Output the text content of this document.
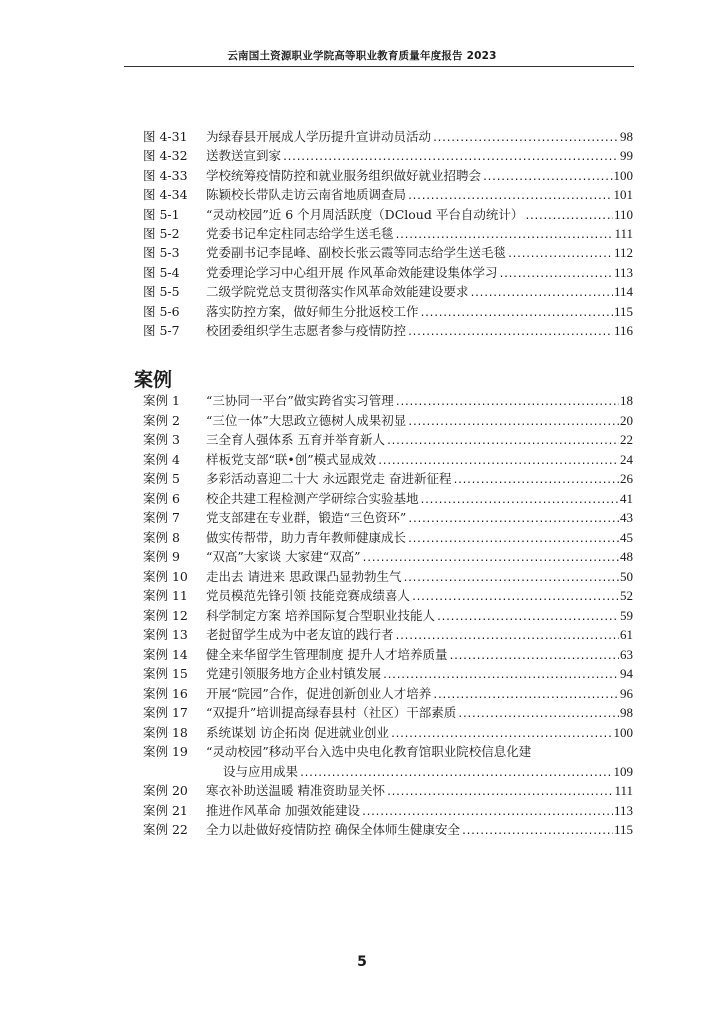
云南国土资源职业学院高等职业教育质量年度报告 2023
图 4-31	为绿春县开展成人学历提升宣讲动员活动 .....	98
图 4-32	送教送宣到家 .....	99
图 4-33	学校统筹疫情防控和就业服务组织做好就业招聘会 .....	100
图 4-34	陈颖校长带队走访云南省地质调查局 .....	101
图 5-1	“灵动校园”近 6 个月周活跃度（DCloud 平台自动统计） .....	110
图 5-2	党委书记牟定柱同志给学生送毛毯 .....	111
图 5-3	党委副书记李昆峰、副校长张云霞等同志给学生送毛毯 .....	112
图 5-4	党委理论学习中心组开展 作风革命效能建设集体学习 .....	113
图 5-5	二级学院党总支贯彻落实作风革命效能建设要求 .....	114
图 5-6	落实防控方案，做好师生分批返校工作 .....	115
图 5-7	校团委组织学生志愿者参与疫情防控 .....	116
案例
案例 1	“三协同一平台”做实跨省实习管理 .....	18
案例 2	“三位一体”大思政立德树人成果初显 .....	20
案例 3	三全育人强体系 五育并举育新人 .....	22
案例 4	样板党支部“联•创”模式显成效 .....	24
案例 5	多彩活动喜迎二十大 永远跟党走 奋进新征程 .....	26
案例 6	校企共建工程检测产学研综合实验基地 .....	41
案例 7	党支部建在专业群，锻造“三色资环” .....	43
案例 8	做实传帮带，助力青年教师健康成长 .....	45
案例 9	“双高”大家谈 大家建“双高” .....	48
案例 10	走出去 请进来 思政课凸显勃勃生气 .....	50
案例 11	党员模范先锋引领 技能竞赛成绩喜人 .....	52
案例 12	科学制定方案 培养国际复合型职业技能人 .....	59
案例 13	老挝留学生成为中老友谊的践行者 .....	61
案例 14	健全来华留学生管理制度 提升人才培养质量 .....	63
案例 15	党建引领服务地方企业村镇发展 .....	94
案例 16	开展“院园”合作，促进创新创业人才培养 .....	96
案例 17	“双提升”培训提高绿春县村（社区）干部素质 .....	98
案例 18	系统谋划 访企拓岗 促进就业创业 .....	100
案例 19	“灵动校园”移动平台入选中央电化教育馆职业院校信息化建
设与应用成果 .....	109
案例 20	寒衣补助送温暖 精准资助显关怀 .....	111
案例 21	推进作风革命 加强效能建设 .....	113
案例 22	全力以赴做好疫情防控 确保全体师生健康安全 .....	115
5
